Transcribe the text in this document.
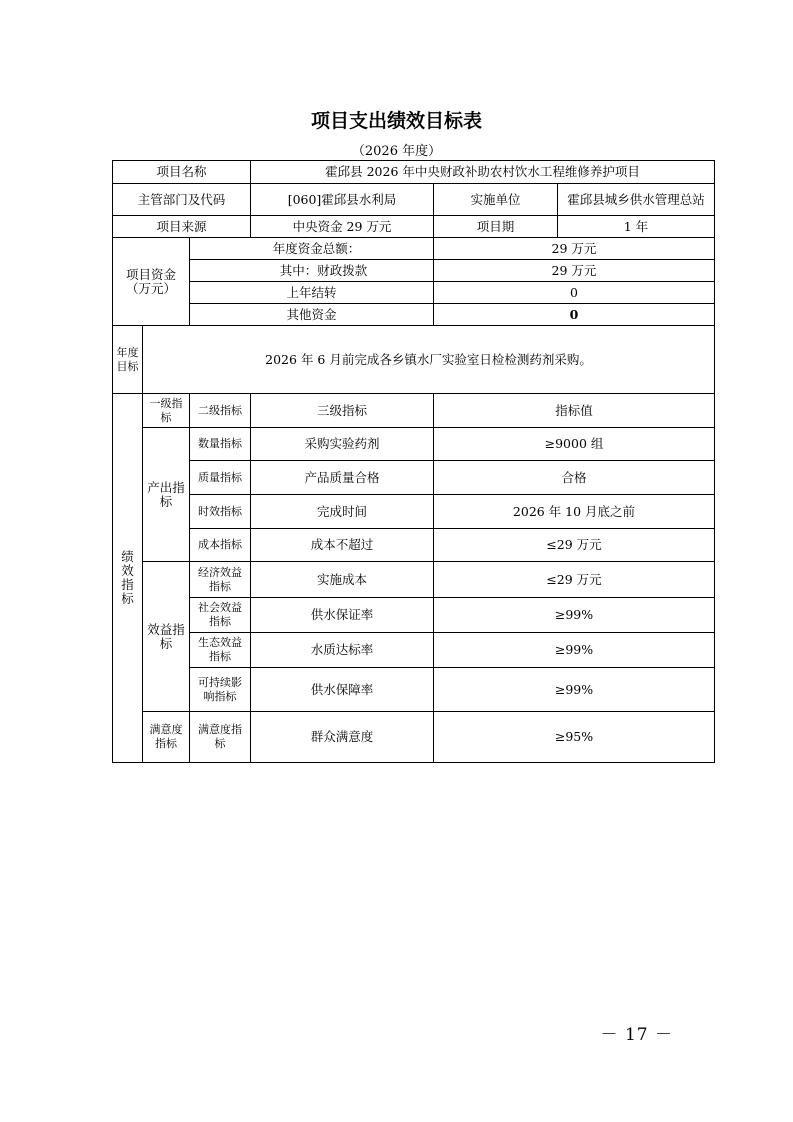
项目支出绩效目标表
（2026 年度）
项目名称			霍邱县 2026 年中央财政补助农村饮水工程维修养护项目		
主管部门及代码			[060]霍邱县水利局	实施单位	霍邱县城乡供水管理总站
项目来源			中央资金 29 万元	项目期	1 年
项目资金（万元）		年度资金总额：		29 万元	
		其中：财政拨款		29 万元	
		上年结转		0	
		其他资金		0	
年度目标	2026 年 6 月前完成各乡镇水厂实验室日检检测药剂采购。				
绩效指标	一级指标	二级指标	三级指标	指标值	
	产出指标	数量指标	采购实验药剂	≥9000 组	
		质量指标	产品质量合格	合格	
		时效指标	完成时间	2026 年 10 月底之前	
		成本指标	成本不超过	≤29 万元	
	效益指标	经济效益指标	实施成本	≤29 万元	
		社会效益指标	供水保证率	≥99%	
		生态效益指标	水质达标率	≥99%	
		可持续影响指标	供水保障率	≥99%	
	满意度指标	满意度指标	群众满意度	≥95%	
－ 17 －
